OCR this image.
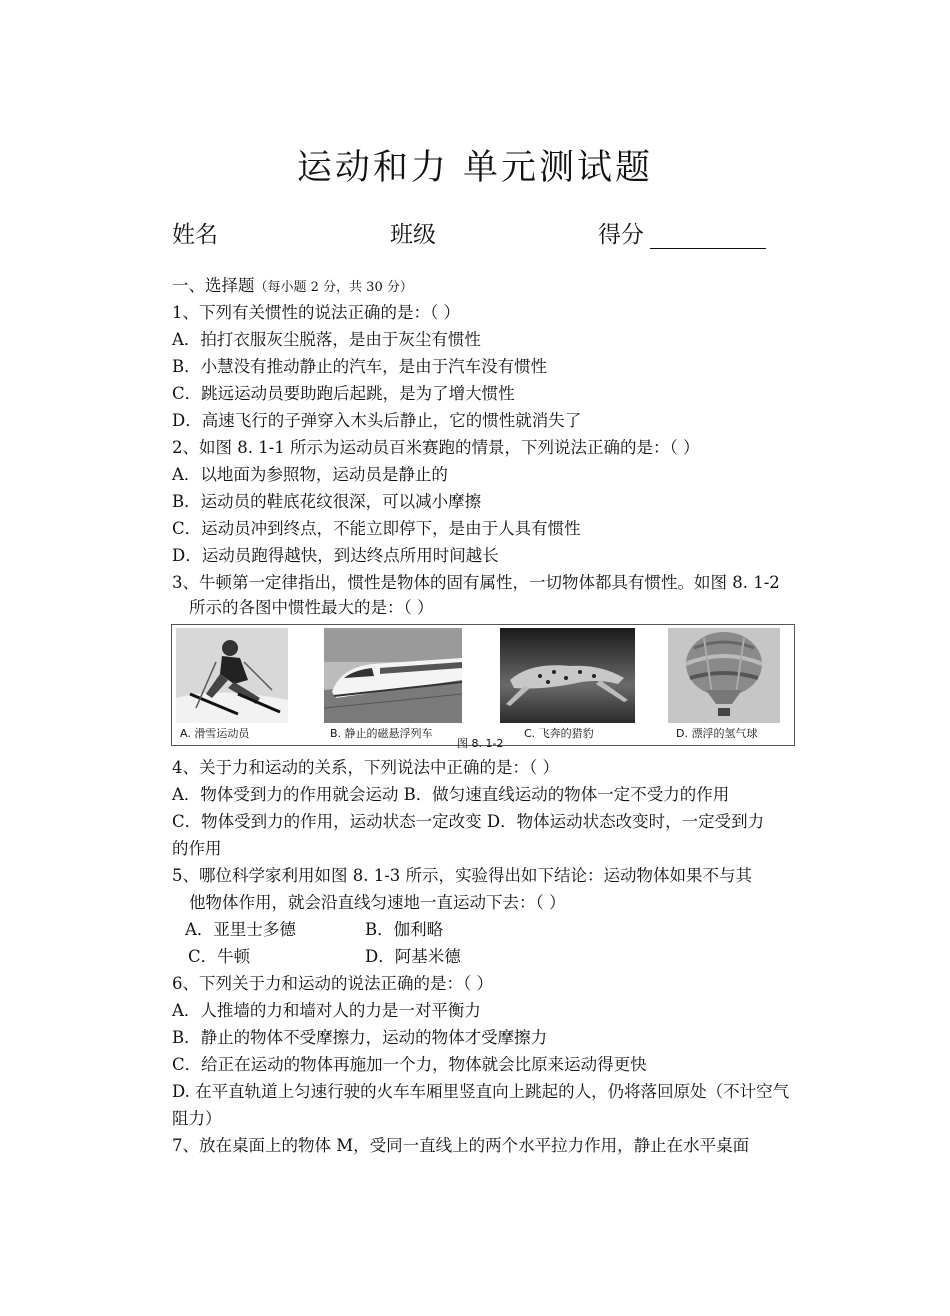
运动和力 单元测试题
姓名	班级	得分
一、选择题（每小题 2 分，共 30 分）
1、下列有关惯性的说法正确的是：（ ）
A．拍打衣服灰尘脱落，是由于灰尘有惯性
B．小慧没有推动静止的汽车，是由于汽车没有惯性
C．跳远运动员要助跑后起跳，是为了增大惯性
D．高速飞行的子弹穿入木头后静止，它的惯性就消失了
2、如图 8. 1-1 所示为运动员百米赛跑的情景，下列说法正确的是：（ ）
A．以地面为参照物，运动员是静止的
B．运动员的鞋底花纹很深，可以减小摩擦
C．运动员冲到终点，不能立即停下，是由于人具有惯性
D．运动员跑得越快，到达终点所用时间越长
3、牛顿第一定律指出，惯性是物体的固有属性，一切物体都具有惯性。如图 8. 1-2
所示的各图中惯性最大的是：（ ）
A. 滑雪运动员	B. 静止的磁悬浮列车	C. 飞奔的猎豹	D. 漂浮的氢气球
图 8. 1-2
4、关于力和运动的关系，下列说法中正确的是：（ ）
A．物体受到力的作用就会运动 B．做匀速直线运动的物体一定不受力的作用
C．物体受到力的作用，运动状态一定改变 D．物体运动状态改变时，一定受到力
的作用
5、哪位科学家利用如图 8. 1-3 所示，实验得出如下结论：运动物体如果不与其
他物体作用，就会沿直线匀速地一直运动下去：（ ）
A．亚里士多德	B．伽利略
C．牛顿	D．阿基米德
6、下列关于力和运动的说法正确的是：（ ）
A．人推墙的力和墙对人的力是一对平衡力
B．静止的物体不受摩擦力，运动的物体才受摩擦力
C．给正在运动的物体再施加一个力，物体就会比原来运动得更快
D. 在平直轨道上匀速行驶的火车车厢里竖直向上跳起的人，仍将落回原处（不计空气
阻力）
7、放在桌面上的物体 M，受同一直线上的两个水平拉力作用，静止在水平桌面
